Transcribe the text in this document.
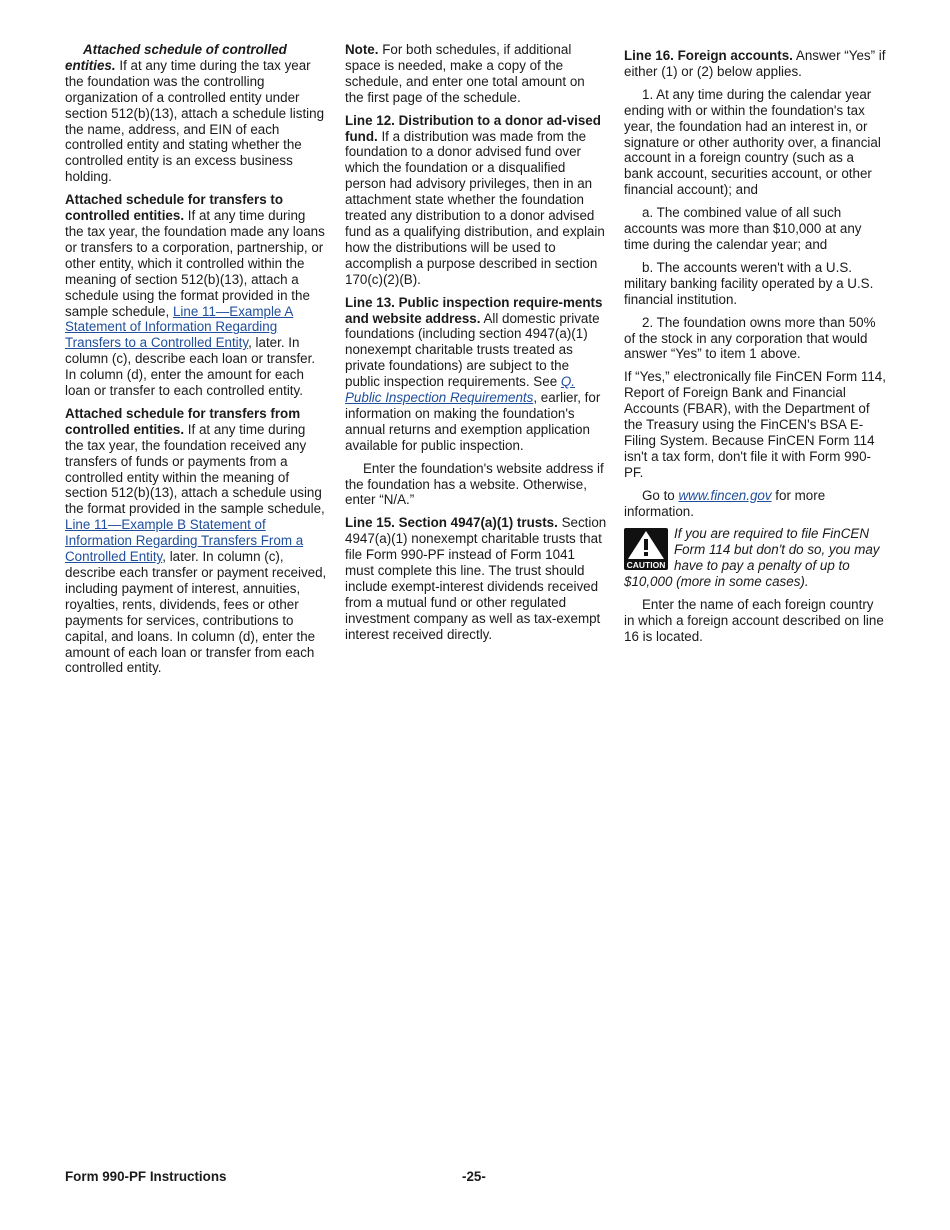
Attached schedule of controlled entities. If at any time during the tax year the foundation was the controlling organization of a controlled entity under section 512(b)(13), attach a schedule listing the name, address, and EIN of each controlled entity and stating whether the controlled entity is an excess business holding.

Attached schedule for transfers to controlled entities. If at any time during the tax year, the foundation made any loans or transfers to a corporation, partnership, or other entity, which it controlled within the meaning of section 512(b)(13), attach a schedule using the format provided in the sample schedule, Line 11—Example A Statement of Information Regarding Transfers to a Controlled Entity, later. In column (c), describe each loan or transfer. In column (d), enter the amount for each loan or transfer to each controlled entity.

Attached schedule for transfers from controlled entities. If at any time during the tax year, the foundation received any transfers of funds or payments from a controlled entity within the meaning of section 512(b)(13), attach a schedule using the format provided in the sample schedule, Line 11—Example B Statement of Information Regarding Transfers From a Controlled Entity, later. In column (c), describe each transfer or payment received, including payment of interest, annuities, royalties, rents, dividends, fees or other payments for services, contributions to capital, and loans. In column (d), enter the amount of each loan or transfer from each controlled entity.

Note. For both schedules, if additional space is needed, make a copy of the schedule, and enter one total amount on the first page of the schedule.

Line 12. Distribution to a donor ad-vised fund. If a distribution was made from the foundation to a donor advised fund over which the foundation or a disqualified person had advisory privileges, then in an attachment state whether the foundation treated any distribution to a donor advised fund as a qualifying distribution, and explain how the distributions will be used to accomplish a purpose described in section 170(c)(2)(B).

Line 13. Public inspection require-ments and website address. All domestic private foundations (including section 4947(a)(1) nonexempt charitable trusts treated as private foundations) are subject to the public inspection requirements. See Q. Public Inspection Requirements, earlier, for information on making the foundation's annual returns and exemption application available for public inspection.

Enter the foundation's website address if the foundation has a website. Otherwise, enter “N/A.”

Line 15. Section 4947(a)(1) trusts. Section 4947(a)(1) nonexempt charitable trusts that file Form 990-PF instead of Form 1041 must complete this line. The trust should include exempt-interest dividends received from a mutual fund or other regulated investment company as well as tax-exempt interest received directly.

Line 16. Foreign accounts. Answer “Yes” if either (1) or (2) below applies.

1. At any time during the calendar year ending with or within the foundation's tax year, the foundation had an interest in, or signature or other authority over, a financial account in a foreign country (such as a bank account, securities account, or other financial account); and

a. The combined value of all such accounts was more than $10,000 at any time during the calendar year; and

b. The accounts weren't with a U.S. military banking facility operated by a U.S. financial institution.

2. The foundation owns more than 50% of the stock in any corporation that would answer “Yes” to item 1 above.

If “Yes,” electronically file FinCEN Form 114, Report of Foreign Bank and Financial Accounts (FBAR), with the Department of the Treasury using the FinCEN's BSA E-Filing System. Because FinCEN Form 114 isn't a tax form, don't file it with Form 990-PF.

Go to www.fincen.gov for more information.

CAUTION
If you are required to file FinCEN Form 114 but don't do so, you may have to pay a penalty of up to $10,000 (more in some cases).

Enter the name of each foreign country in which a foreign account described on line 16 is located.

Form 990-PF Instructions	-25-
